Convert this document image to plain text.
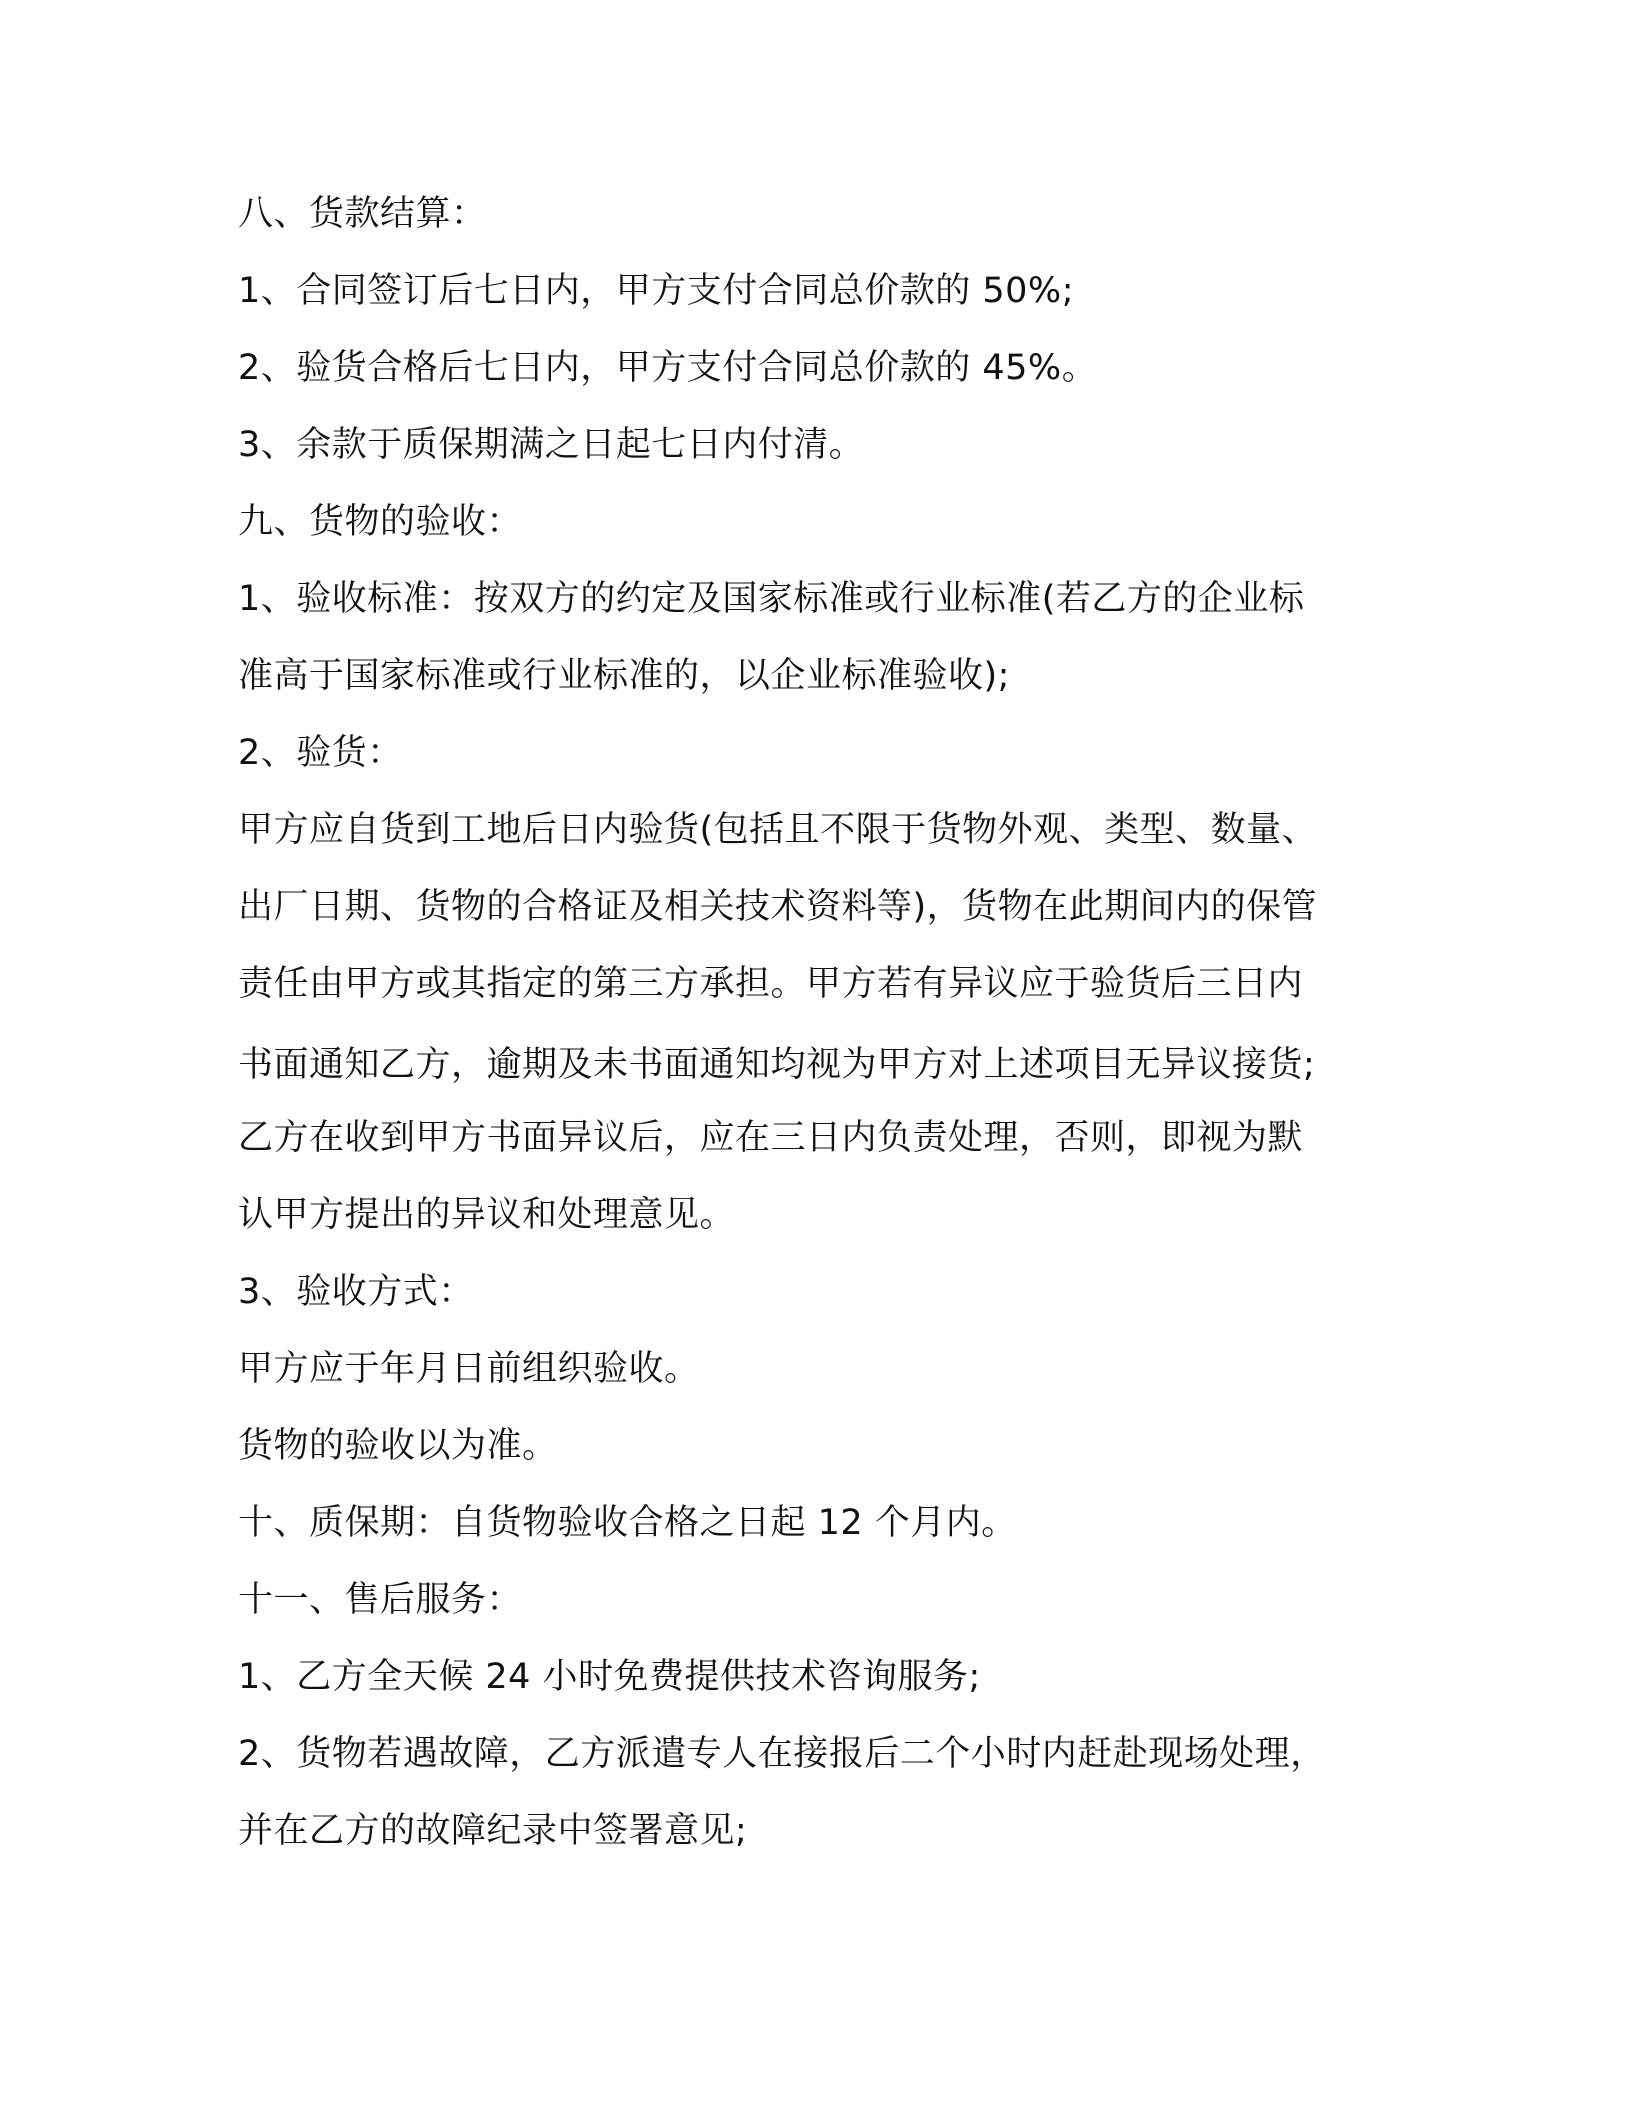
八、货款结算：
1、合同签订后七日内，甲方支付合同总价款的 50%;
2、验货合格后七日内，甲方支付合同总价款的 45%。
3、余款于质保期满之日起七日内付清。
九、货物的验收：
1、验收标准：按双方的约定及国家标准或行业标准(若乙方的企业标
准高于国家标准或行业标准的，以企业标准验收);
2、验货：
甲方应自货到工地后日内验货(包括且不限于货物外观、类型、数量、
出厂日期、货物的合格证及相关技术资料等)，货物在此期间内的保管
责任由甲方或其指定的第三方承担。甲方若有异议应于验货后三日内
书面通知乙方，逾期及未书面通知均视为甲方对上述项目无异议接货;
乙方在收到甲方书面异议后，应在三日内负责处理，否则，即视为默
认甲方提出的异议和处理意见。
3、验收方式：
甲方应于年月日前组织验收。
货物的验收以为准。
十、质保期：自货物验收合格之日起 12 个月内。
十一、售后服务：
1、乙方全天候 24 小时免费提供技术咨询服务;
2、货物若遇故障，乙方派遣专人在接报后二个小时内赶赴现场处理，
并在乙方的故障纪录中签署意见;
